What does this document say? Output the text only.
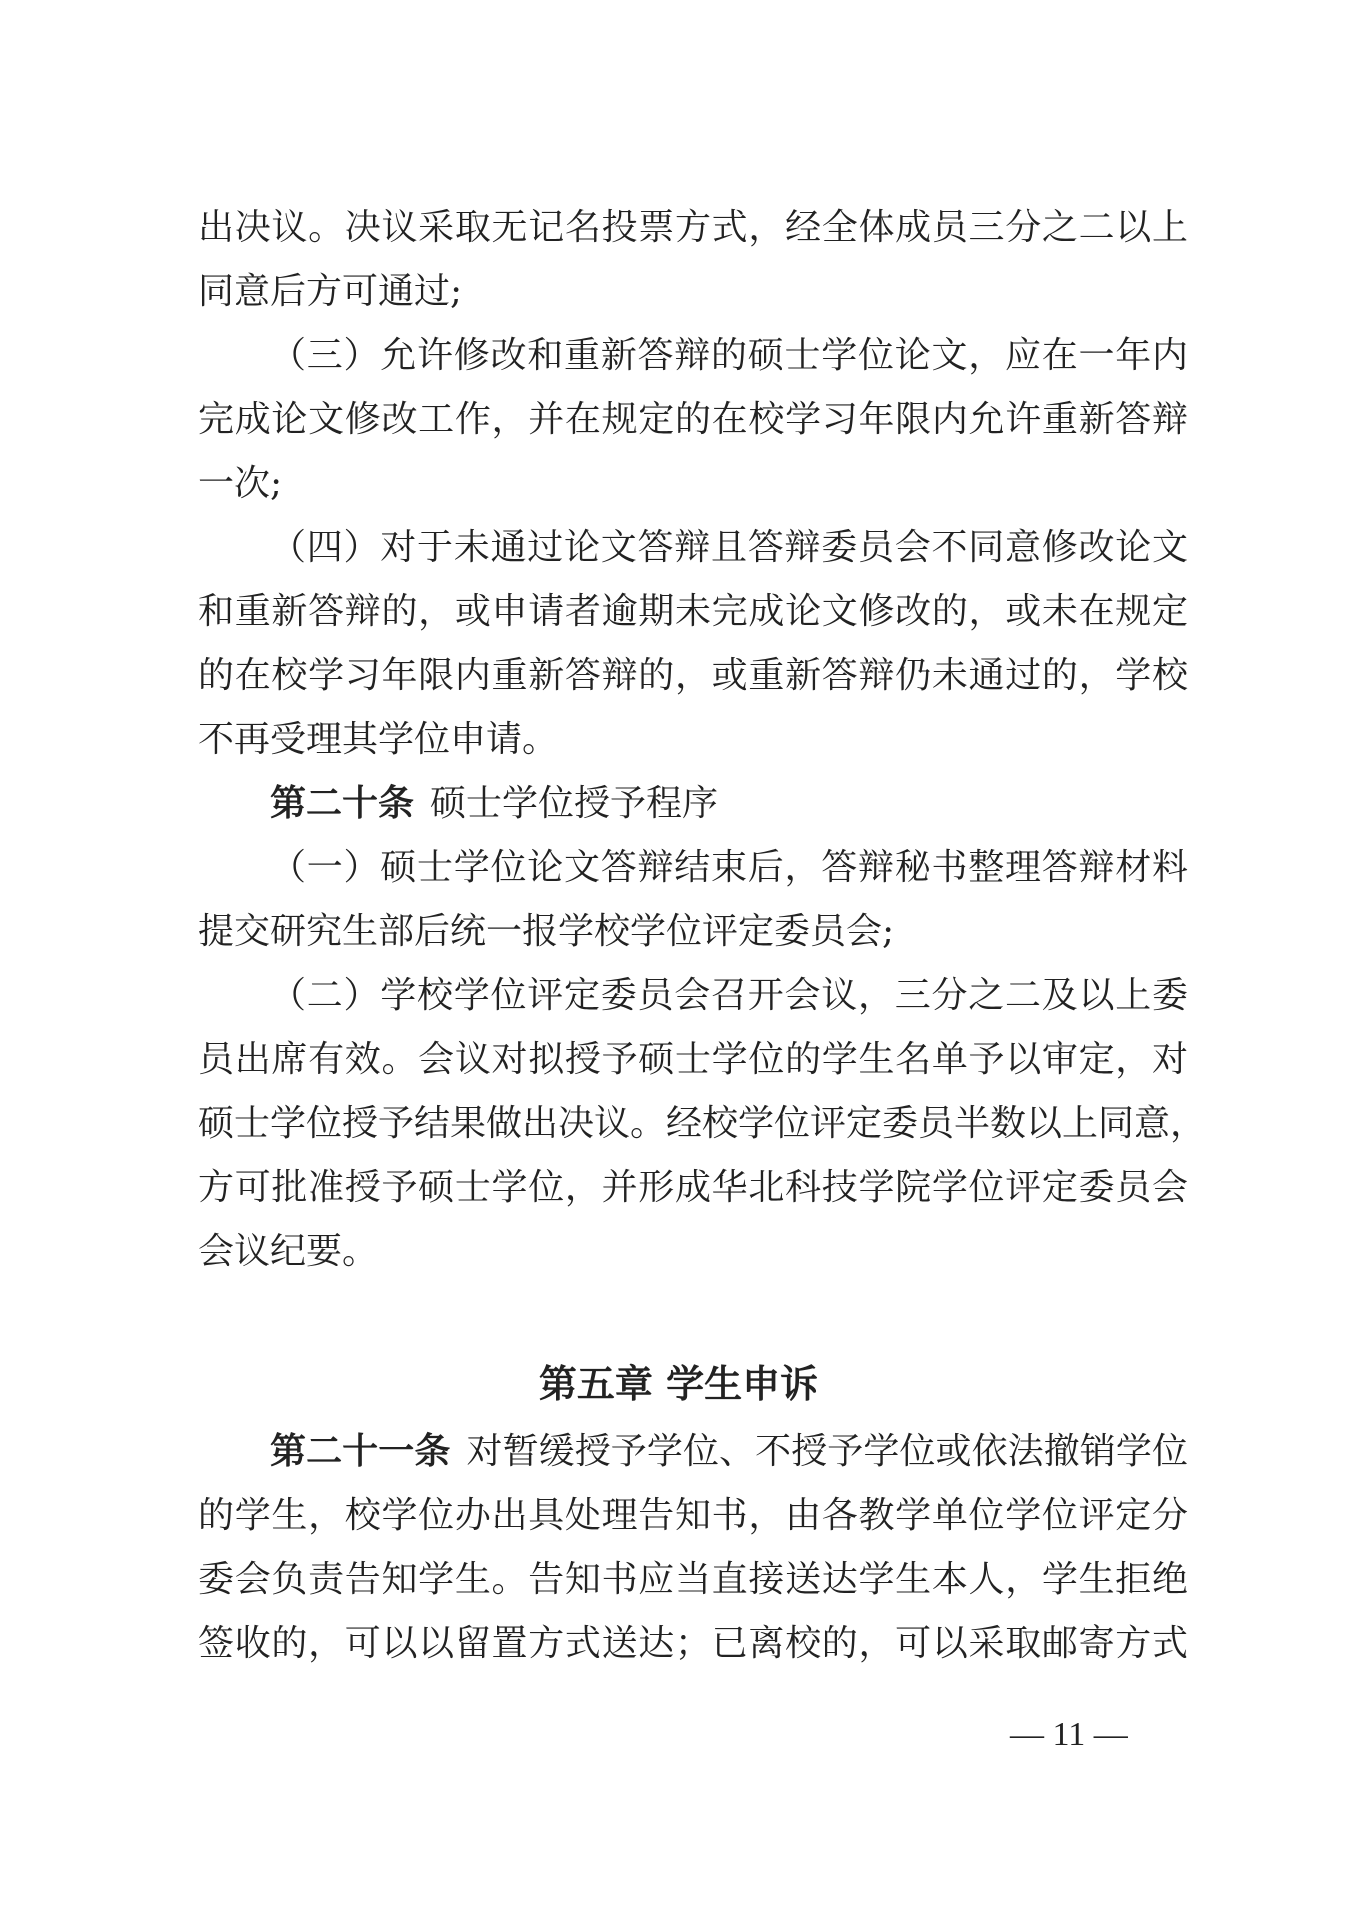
出决议。决议采取无记名投票方式，经全体成员三分之二以上
同意后方可通过;
（三）允许修改和重新答辩的硕士学位论文，应在一年内
完成论文修改工作，并在规定的在校学习年限内允许重新答辩
一次;
（四）对于未通过论文答辩且答辩委员会不同意修改论文
和重新答辩的，或申请者逾期未完成论文修改的，或未在规定
的在校学习年限内重新答辩的，或重新答辩仍未通过的，学校
不再受理其学位申请。
第二十条 硕士学位授予程序
（一）硕士学位论文答辩结束后，答辩秘书整理答辩材料
提交研究生部后统一报学校学位评定委员会;
（二）学校学位评定委员会召开会议，三分之二及以上委
员出席有效。会议对拟授予硕士学位的学生名单予以审定，对
硕士学位授予结果做出决议。经校学位评定委员半数以上同意，
方可批准授予硕士学位，并形成华北科技学院学位评定委员会
会议纪要。
第五章 学生申诉
第二十一条 对暂缓授予学位、不授予学位或依法撤销学位
的学生，校学位办出具处理告知书，由各教学单位学位评定分
委会负责告知学生。告知书应当直接送达学生本人，学生拒绝
签收的，可以以留置方式送达；已离校的，可以采取邮寄方式
— 11 —
